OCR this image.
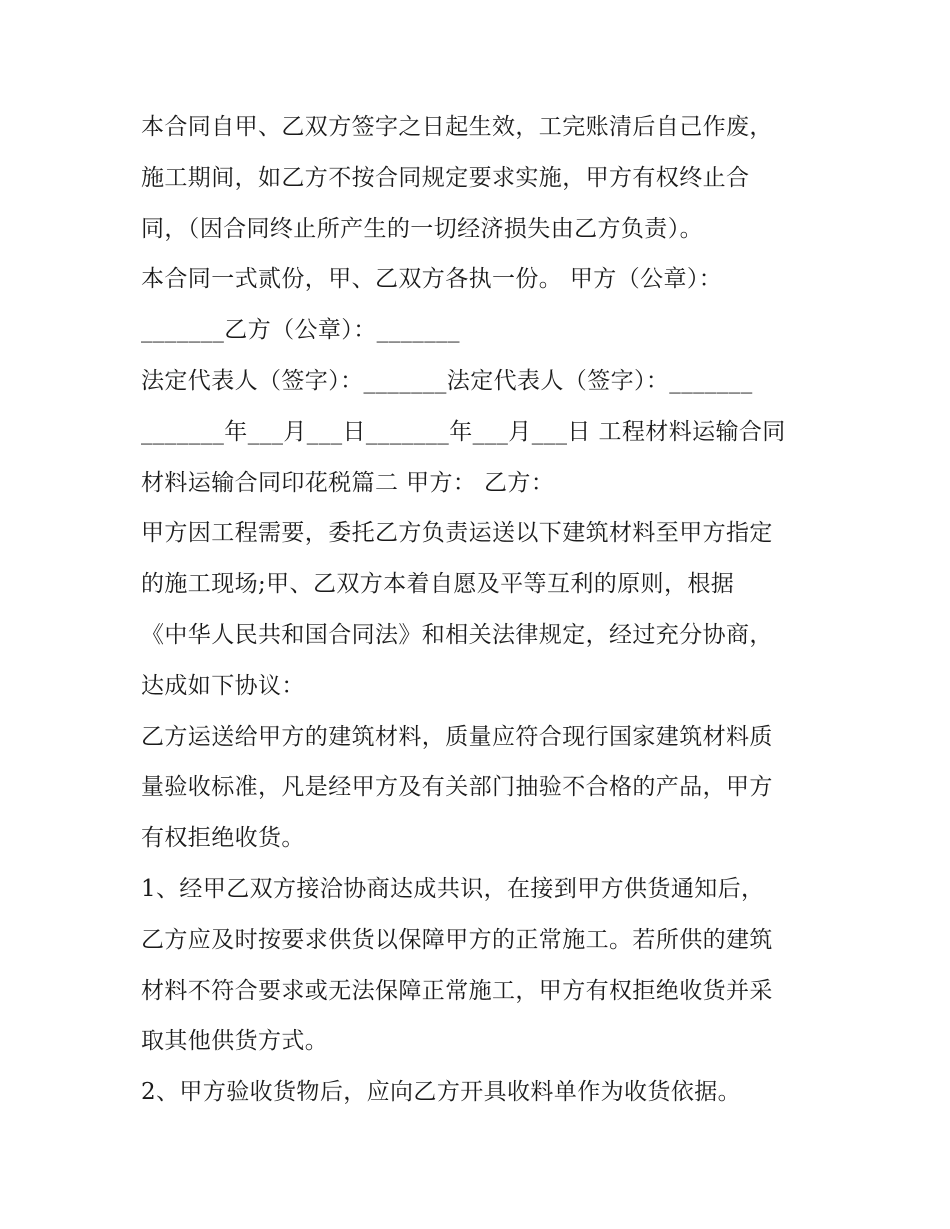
本合同自甲、乙双方签字之日起生效，工完账清后自己作废，
施工期间，如乙方不按合同规定要求实施，甲方有权终止合
同，（因合同终止所产生的一切经济损失由乙方负责）。
本合同一式贰份，甲、乙双方各执一份。 甲方（公章）：
_______乙方（公章）：_______
法定代表人（签字）：_______法定代表人（签字）：_______
_______年___月___日_______年___月___日 工程材料运输合同
材料运输合同印花税篇二 甲方： 乙方：
甲方因工程需要，委托乙方负责运送以下建筑材料至甲方指定
的施工现场;甲、乙双方本着自愿及平等互利的原则，根据
《中华人民共和国合同法》和相关法律规定，经过充分协商，
达成如下协议：
乙方运送给甲方的建筑材料，质量应符合现行国家建筑材料质
量验收标准，凡是经甲方及有关部门抽验不合格的产品，甲方
有权拒绝收货。
1、经甲乙双方接洽协商达成共识，在接到甲方供货通知后，
乙方应及时按要求供货以保障甲方的正常施工。若所供的建筑
材料不符合要求或无法保障正常施工，甲方有权拒绝收货并采
取其他供货方式。
2、甲方验收货物后，应向乙方开具收料单作为收货依据。
